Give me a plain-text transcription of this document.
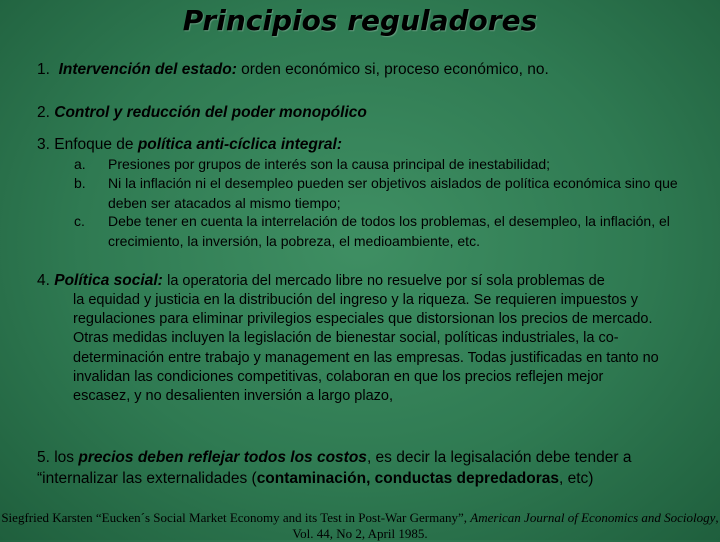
Principios reguladores
1. Intervención del estado: orden económico si, proceso económico, no.
2. Control y reducción del poder monopólico
3. Enfoque de política anti-cíclica integral:
a. Presiones por grupos de interés son la causa principal de inestabilidad;
b. Ni la inflación ni el desempleo pueden ser objetivos aislados de política económica sino que deben ser atacados al mismo tiempo;
c. Debe tener en cuenta la interrelación de todos los problemas, el desempleo, la inflación, el crecimiento, la inversión, la pobreza, el medioambiente, etc.
4. Política social: la operatoria del mercado libre no resuelve por sí sola problemas de
la equidad y justicia en la distribución del ingreso y la riqueza. Se requieren impuestos y regulaciones para eliminar privilegios especiales que distorsionan los precios de mercado. Otras medidas incluyen la legislación de bienestar social, políticas industriales, la co-determinación entre trabajo y management en las empresas. Todas justificadas en tanto no invalidan las condiciones competitivas, colaboran en que los precios reflejen mejor escasez, y no desalienten inversión a largo plazo,
5. los precios deben reflejar todos los costos, es decir la legisalación debe tender a “internalizar las externalidades (contaminación, conductas depredadoras, etc)
Siegfried Karsten “Eucken´s Social Market Economy and its Test in Post-War Germany”, American Journal of Economics and Sociology, Vol. 44, No 2, April 1985.
